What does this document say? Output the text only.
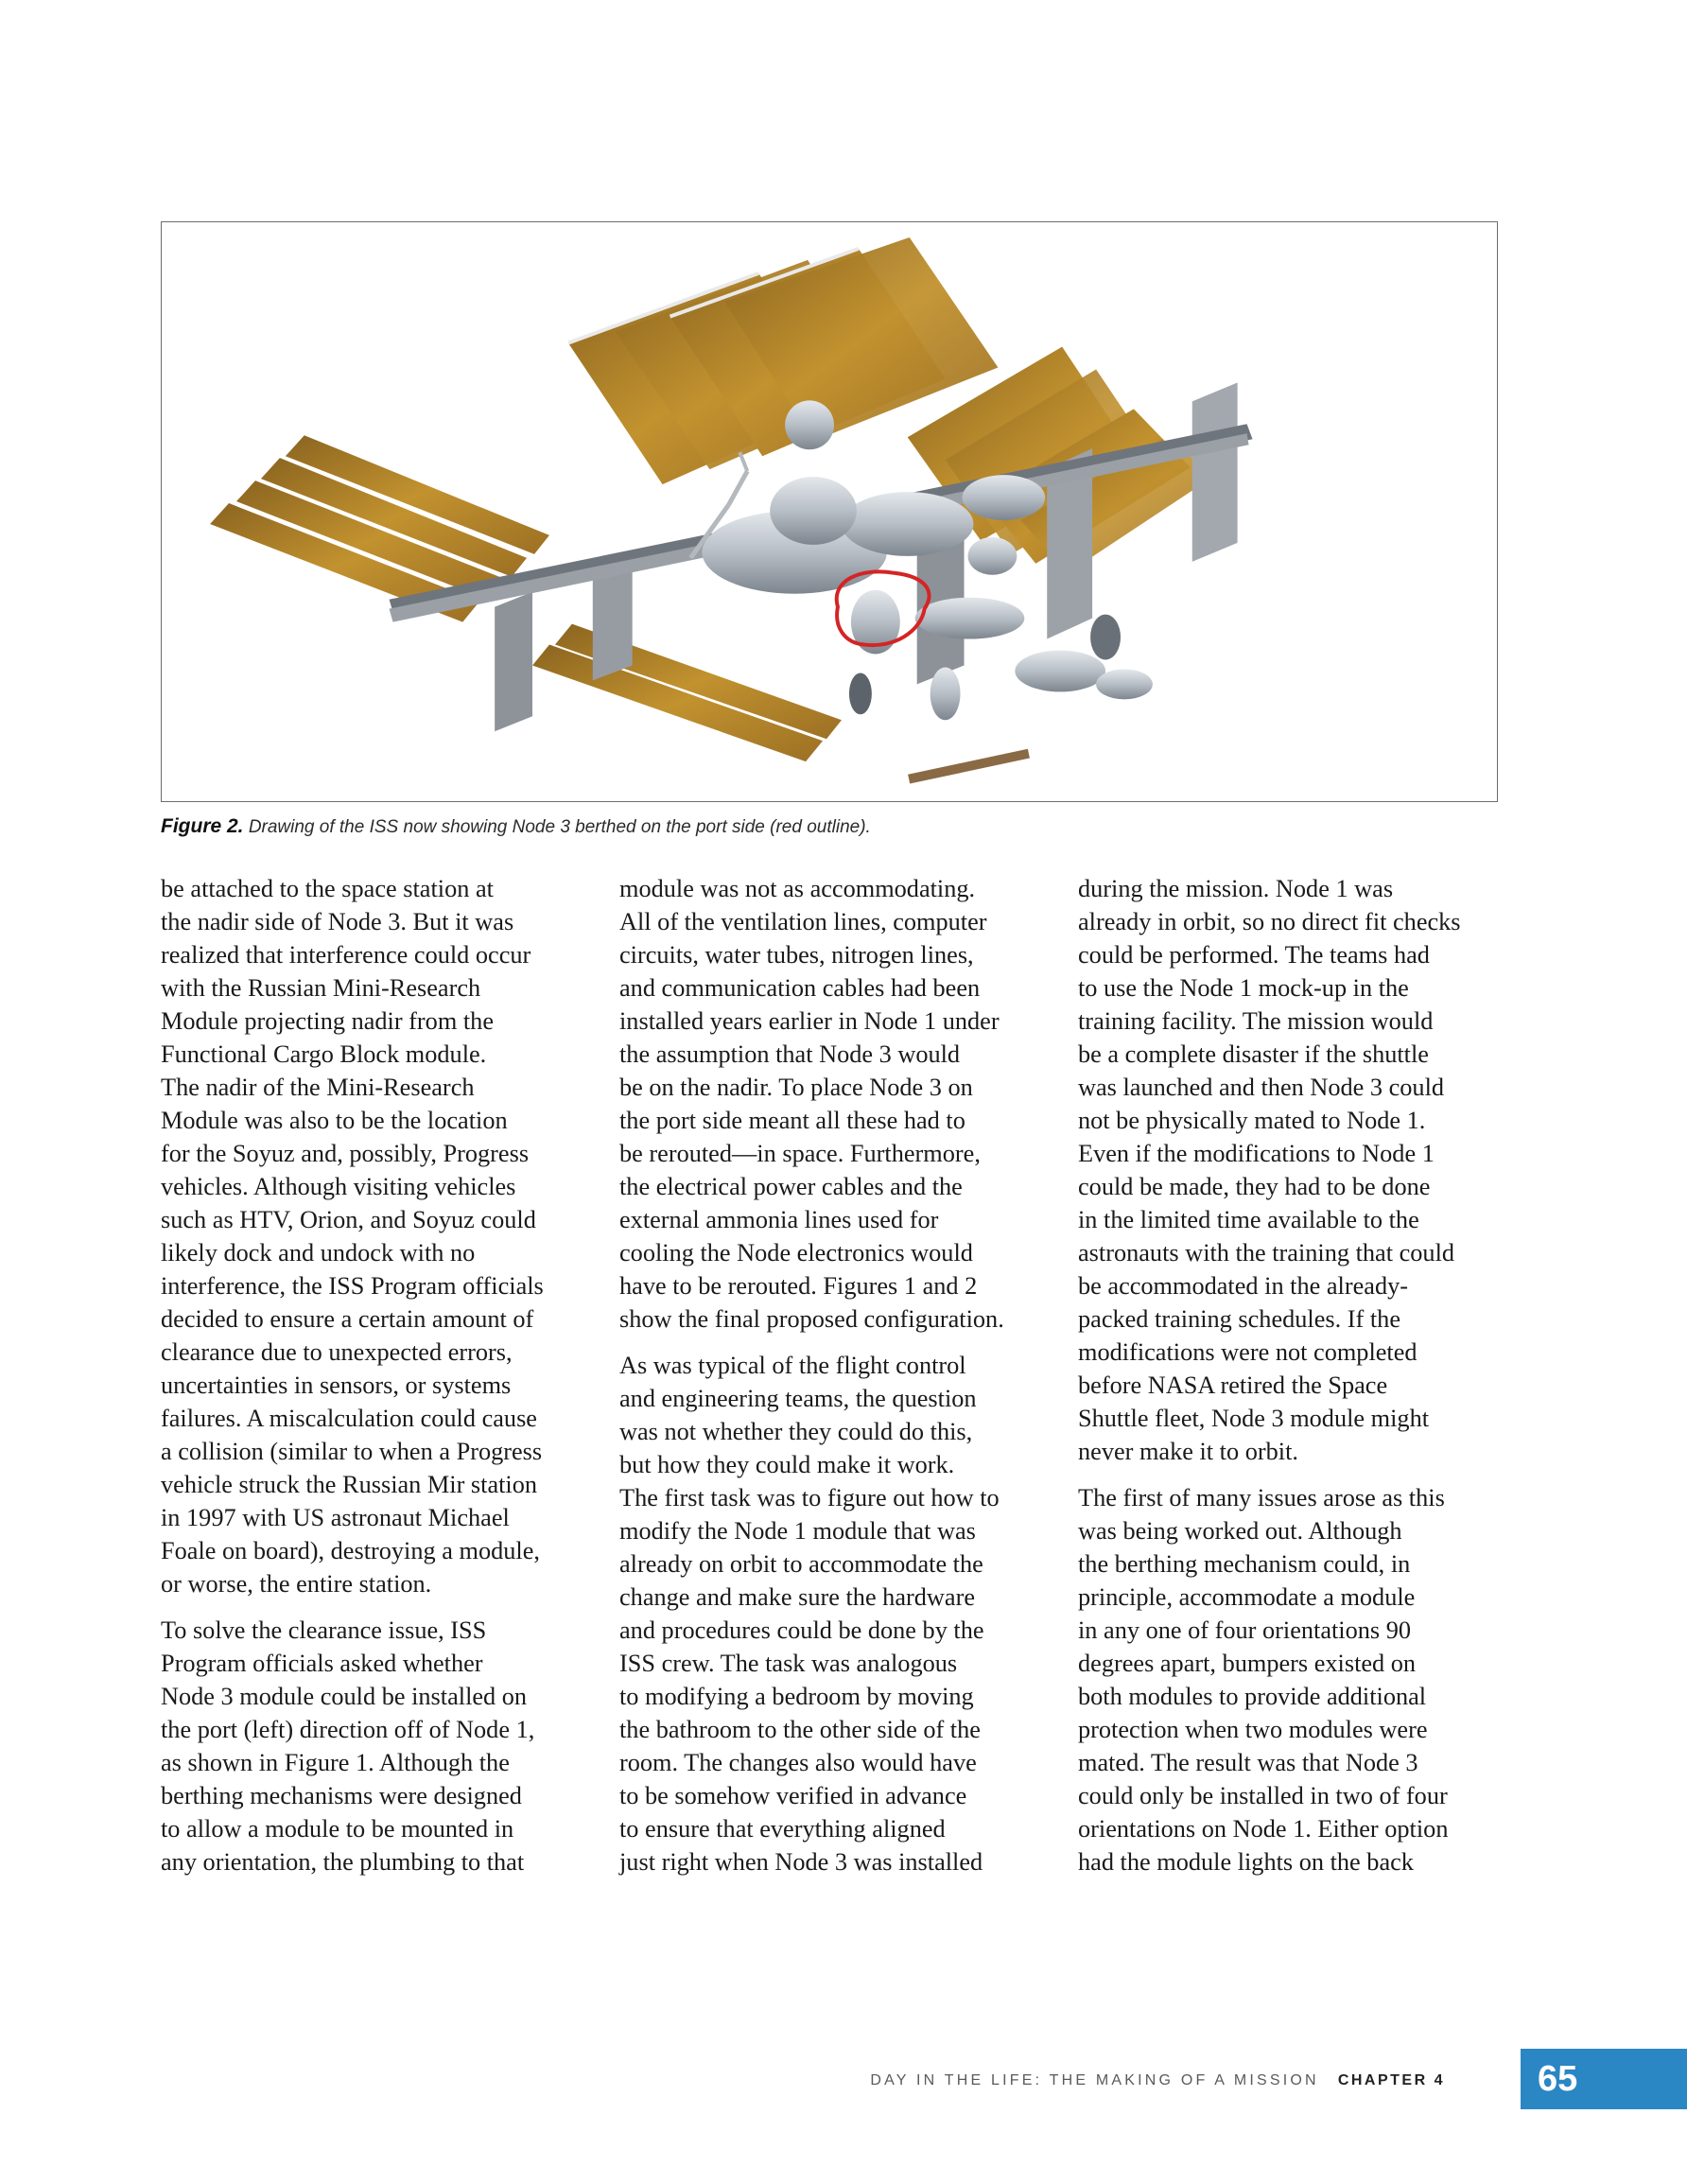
Figure 2. Drawing of the ISS now showing Node 3 berthed on the port side (red outline).

be attached to the space station at
the nadir side of Node 3. But it was
realized that interference could occur
with the Russian Mini-Research
Module projecting nadir from the
Functional Cargo Block module.
The nadir of the Mini-Research
Module was also to be the location
for the Soyuz and, possibly, Progress
vehicles. Although visiting vehicles
such as HTV, Orion, and Soyuz could
likely dock and undock with no
interference, the ISS Program officials
decided to ensure a certain amount of
clearance due to unexpected errors,
uncertainties in sensors, or systems
failures. A miscalculation could cause
a collision (similar to when a Progress
vehicle struck the Russian Mir station
in 1997 with US astronaut Michael
Foale on board), destroying a module,
or worse, the entire station.

To solve the clearance issue, ISS
Program officials asked whether
Node 3 module could be installed on
the port (left) direction off of Node 1,
as shown in Figure 1. Although the
berthing mechanisms were designed
to allow a module to be mounted in
any orientation, the plumbing to that

module was not as accommodating.
All of the ventilation lines, computer
circuits, water tubes, nitrogen lines,
and communication cables had been
installed years earlier in Node 1 under
the assumption that Node 3 would
be on the nadir. To place Node 3 on
the port side meant all these had to
be rerouted—in space. Furthermore,
the electrical power cables and the
external ammonia lines used for
cooling the Node electronics would
have to be rerouted. Figures 1 and 2
show the final proposed configuration.

As was typical of the flight control
and engineering teams, the question
was not whether they could do this,
but how they could make it work.
The first task was to figure out how to
modify the Node 1 module that was
already on orbit to accommodate the
change and make sure the hardware
and procedures could be done by the
ISS crew. The task was analogous
to modifying a bedroom by moving
the bathroom to the other side of the
room. The changes also would have
to be somehow verified in advance
to ensure that everything aligned
just right when Node 3 was installed

during the mission. Node 1 was
already in orbit, so no direct fit checks
could be performed. The teams had
to use the Node 1 mock-up in the
training facility. The mission would
be a complete disaster if the shuttle
was launched and then Node 3 could
not be physically mated to Node 1.
Even if the modifications to Node 1
could be made, they had to be done
in the limited time available to the
astronauts with the training that could
be accommodated in the already-
packed training schedules. If the
modifications were not completed
before NASA retired the Space
Shuttle fleet, Node 3 module might
never make it to orbit.

The first of many issues arose as this
was being worked out. Although
the berthing mechanism could, in
principle, accommodate a module
in any one of four orientations 90
degrees apart, bumpers existed on
both modules to provide additional
protection when two modules were
mated. The result was that Node 3
could only be installed in two of four
orientations on Node 1. Either option
had the module lights on the back

DAY IN THE LIFE: THE MAKING OF A MISSION CHAPTER 4	65
